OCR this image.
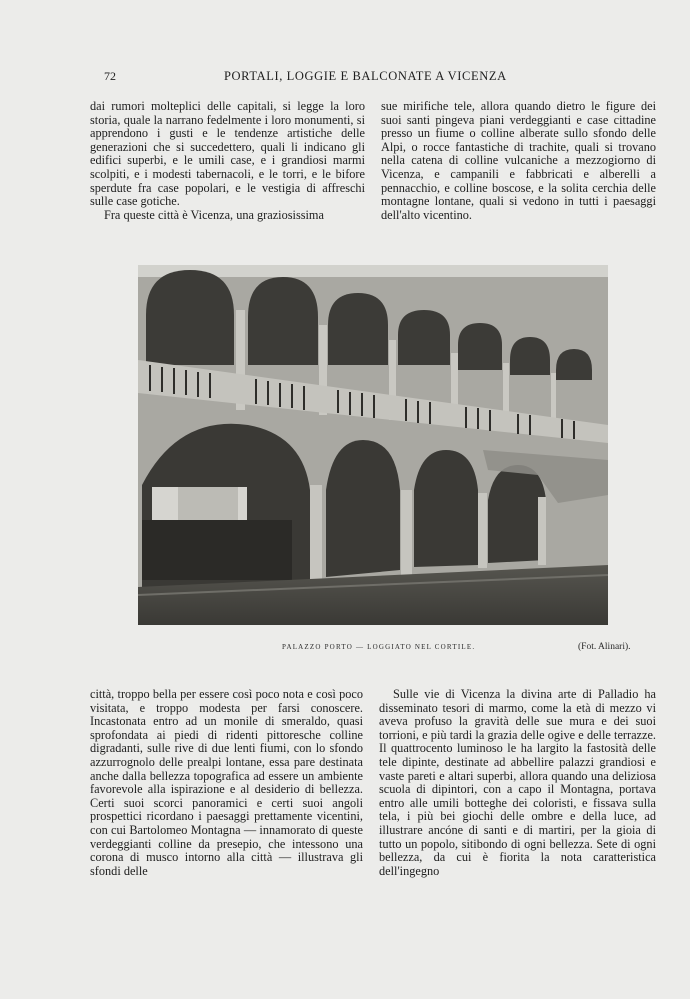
72	PORTALI, LOGGIE E BALCONATE A VICENZA

dai rumori molteplici delle capitali, si legge la loro storia, quale la narrano fedelmente i loro monumenti, si apprendono i gusti e le tendenze artistiche delle generazioni che si succedettero, quali li indicano gli edifici superbi, e le umili case, e i grandiosi marmi scolpiti, e i modesti tabernacoli, e le torri, e le bifore sperdute fra case popolari, e le vestigia di affreschi sulle case gotiche.

Fra queste città è Vicenza, una graziosissima

sue mirifiche tele, allora quando dietro le figure dei suoi santi pingeva piani verdeggianti e case cittadine presso un fiume o colline alberate sullo sfondo delle Alpi, o rocce fantastiche di trachite, quali si trovano nella catena di colline vulcaniche a mezzogiorno di Vicenza, e campanili e fabbricati e alberelli a pennacchio, e colline boscose, e la solita cerchia delle montagne lontane, quali si vedono in tutti i paesaggi dell'alto vicentino.

PALAZZO PORTO — LOGGIATO NEL CORTILE.	(Fot. Alinari).

città, troppo bella per essere così poco nota e così poco visitata, e troppo modesta per farsi conoscere. Incastonata entro ad un monile di smeraldo, quasi sprofondata ai piedi di ridenti pittoresche colline digradanti, sulle rive di due lenti fiumi, con lo sfondo azzurrognolo delle prealpi lontane, essa pare destinata anche dalla bellezza topografica ad essere un ambiente favorevole alla ispirazione e al desiderio di bellezza. Certi suoi scorci panoramici e certi suoi angoli prospettici ricordano i paesaggi prettamente vicentini, con cui Bartolomeo Montagna — innamorato di queste verdeggianti colline da presepio, che intessono una corona di musco intorno alla città — illustrava gli sfondi delle

Sulle vie di Vicenza la divina arte di Palladio ha disseminato tesori di marmo, come la età di mezzo vi aveva profuso la gravità delle sue mura e dei suoi torrioni, e più tardi la grazia delle ogive e delle terrazze. Il quattrocento luminoso le ha largito la fastosità delle tele dipinte, destinate ad abbellire palazzi grandiosi e vaste pareti e altari superbi, allora quando una deliziosa scuola di dipintori, con a capo il Montagna, portava entro alle umili botteghe dei coloristi, e fissava sulla tela, i più bei giochi delle ombre e della luce, ad illustrare ancóne di santi e di martiri, per la gioia di tutto un popolo, sitibondo di ogni bellezza. Sete di ogni bellezza, da cui è fiorita la nota caratteristica dell'ingegno
